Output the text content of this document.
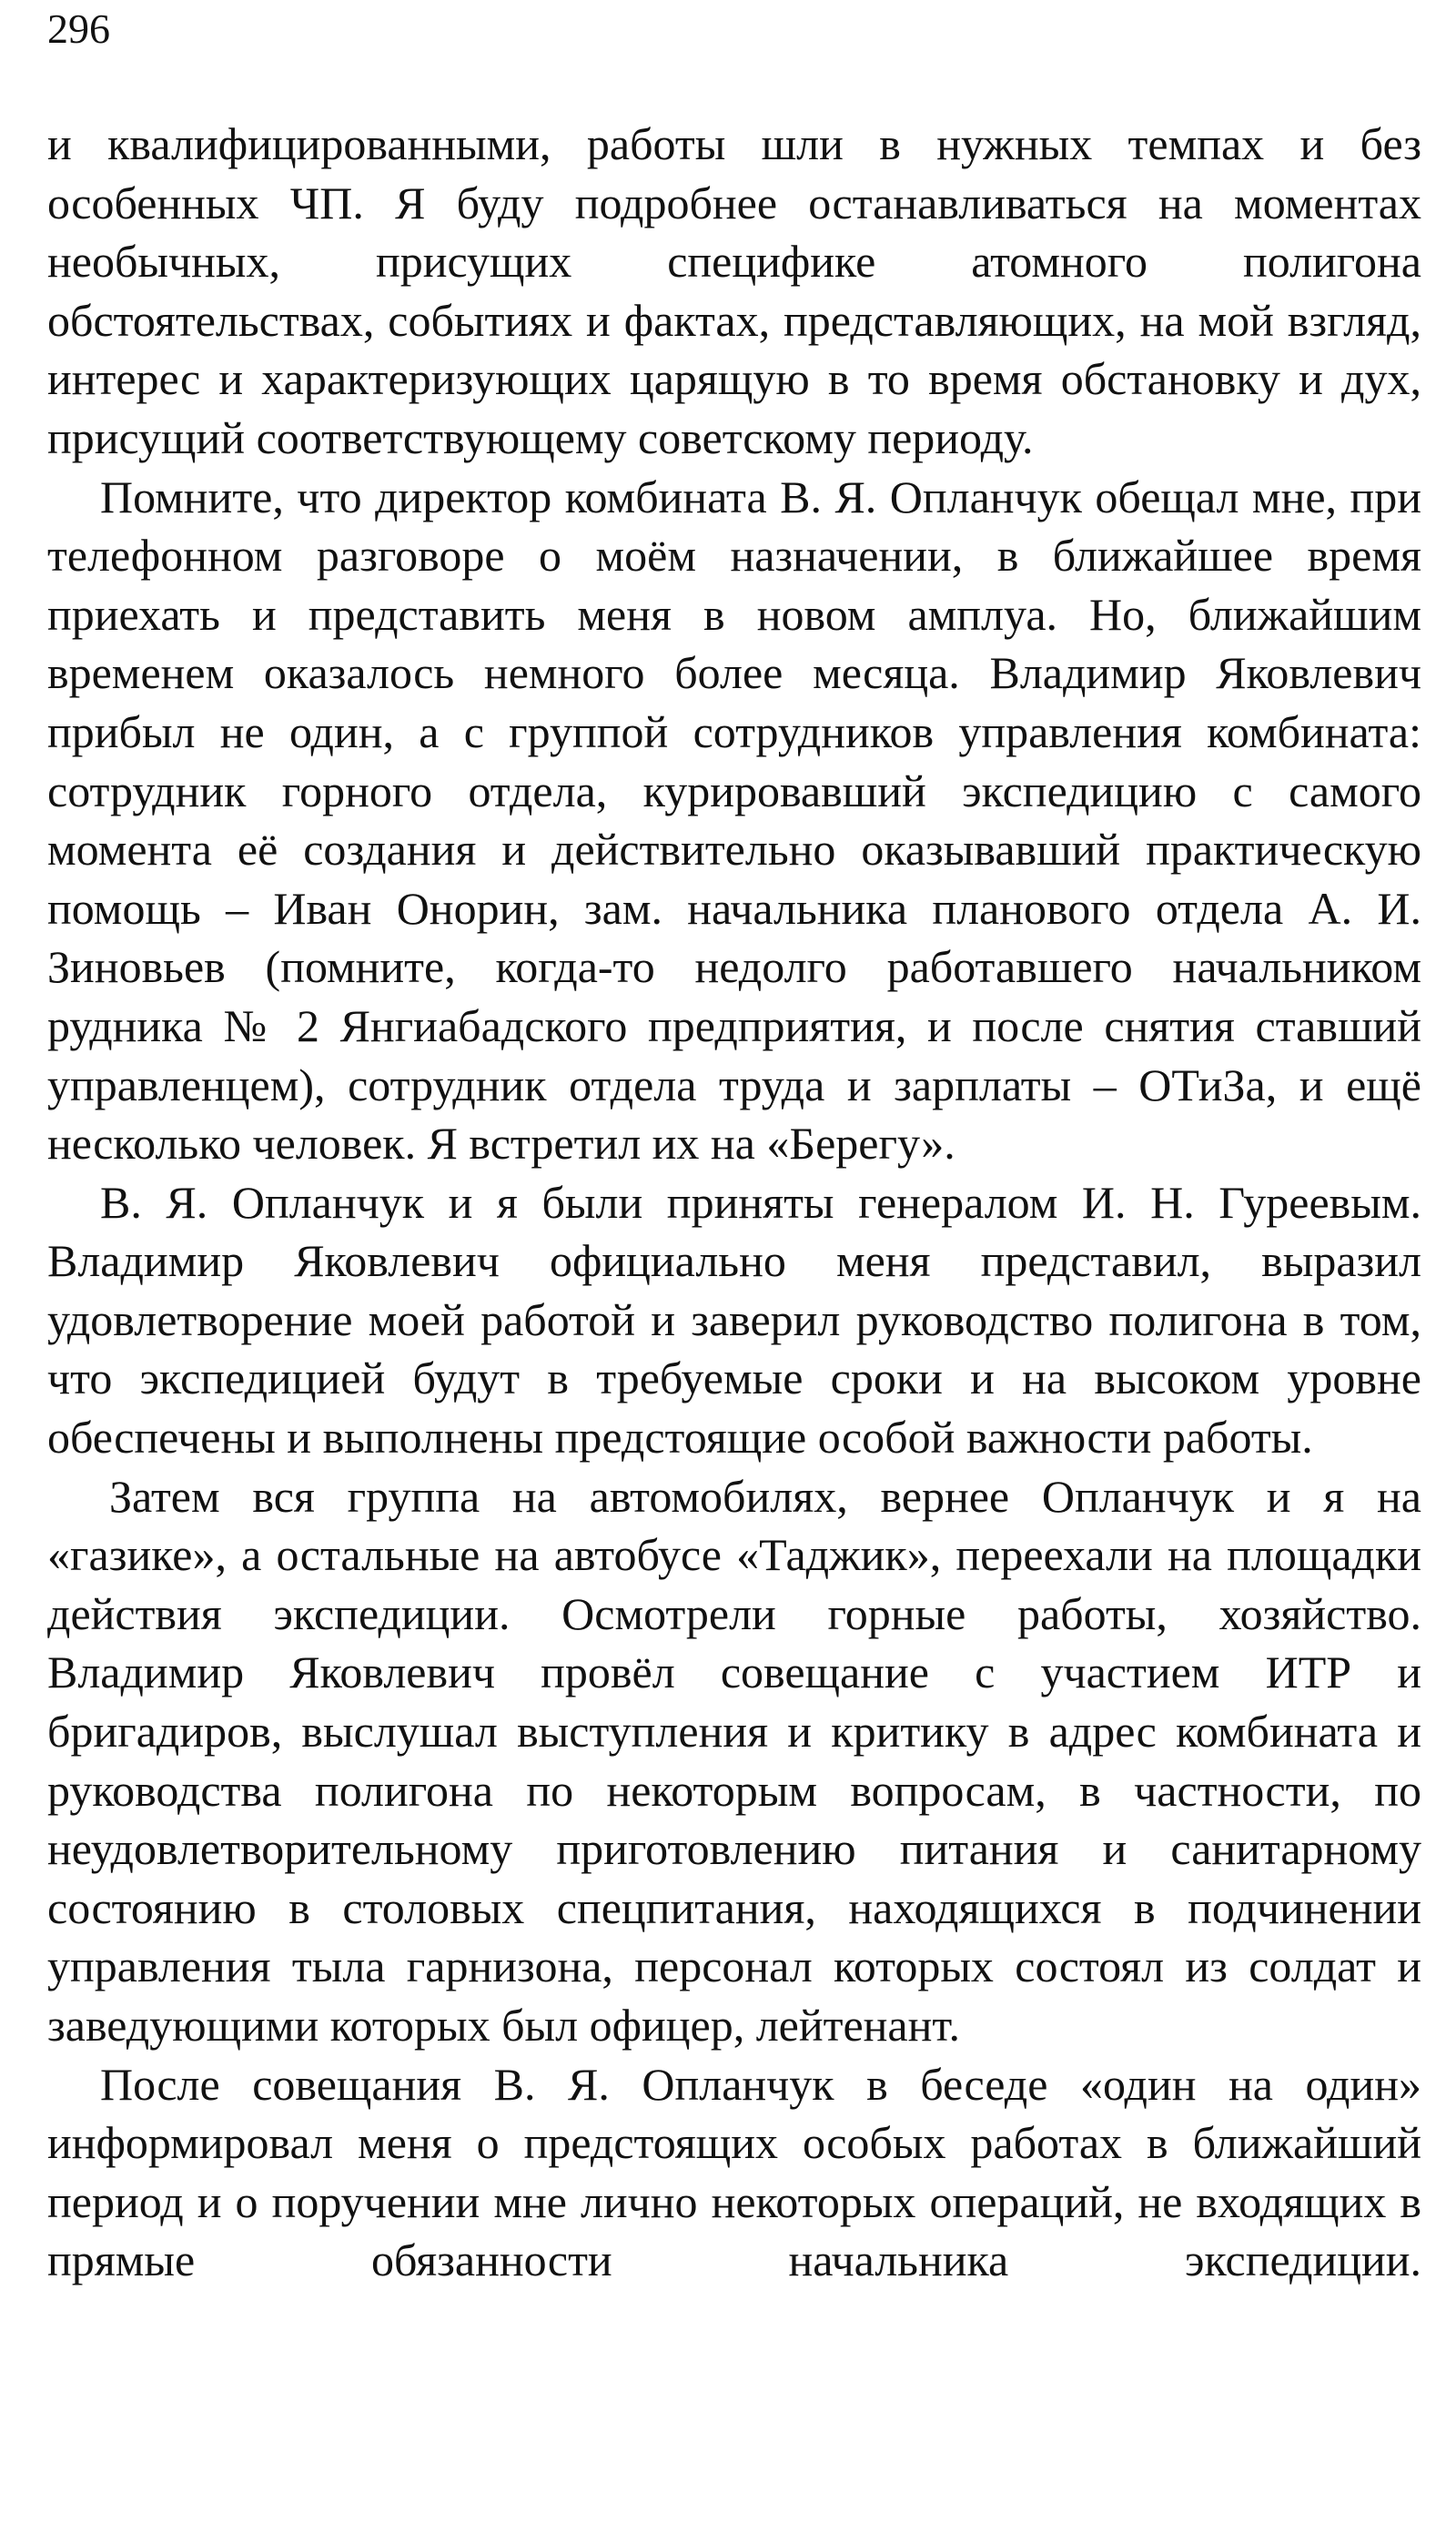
296

и квалифицированными, работы шли в нужных темпах и без особенных ЧП. Я буду подробнее останавливаться на моментах необычных, присущих специфике атомного полигона обстоятельствах, событиях и фактах, представляющих, на мой взгляд, интерес и характеризующих царящую в то время обстановку и дух, присущий соответствующему советскому периоду.

Помните, что директор комбината В. Я. Опланчук обещал мне, при телефонном разговоре о моём назначении, в ближайшее время приехать и представить меня в новом амплуа. Но, ближайшим временем оказалось немного более месяца. Владимир Яковлевич прибыл не один, а с группой сотрудников управления комбината: сотрудник горного отдела, курировавший экспедицию с самого момента её создания и действительно оказывавший практическую помощь – Иван Онорин, зам. начальника планового отдела А. И. Зиновьев (помните, когда-то недолго работавшего начальником рудника № 2 Янгиабадского предприятия, и после снятия ставший управленцем), сотрудник отдела труда и зарплаты – ОТиЗа, и ещё несколько человек. Я встретил их на «Берегу».

В. Я. Опланчук и я были приняты генералом И. Н. Гуреевым. Владимир Яковлевич официально меня представил, выразил удовлетворение моей работой и заверил руководство полигона в том, что экспедицией будут в требуемые сроки и на высоком уровне обеспечены и выполнены предстоящие особой важности работы.

Затем вся группа на автомобилях, вернее Опланчук и я на «газике», а остальные на автобусе «Таджик», переехали на площадки действия экспедиции. Осмотрели горные работы, хозяйство. Владимир Яковлевич провёл совещание с участием ИТР и бригадиров, выслушал выступления и критику в адрес комбината и руководства полигона по некоторым вопросам, в частности, по неудовлетворительному приготовлению питания и санитарному состоянию в столовых спецпитания, находящихся в подчинении управления тыла гарнизона, персонал которых состоял из солдат и заведующими которых был офицер, лейтенант.

После совещания В. Я. Опланчук в беседе «один на один» информировал меня о предстоящих особых работах в ближайший период и о поручении мне лично некоторых операций, не входящих в прямые обязанности начальника экспедиции.
